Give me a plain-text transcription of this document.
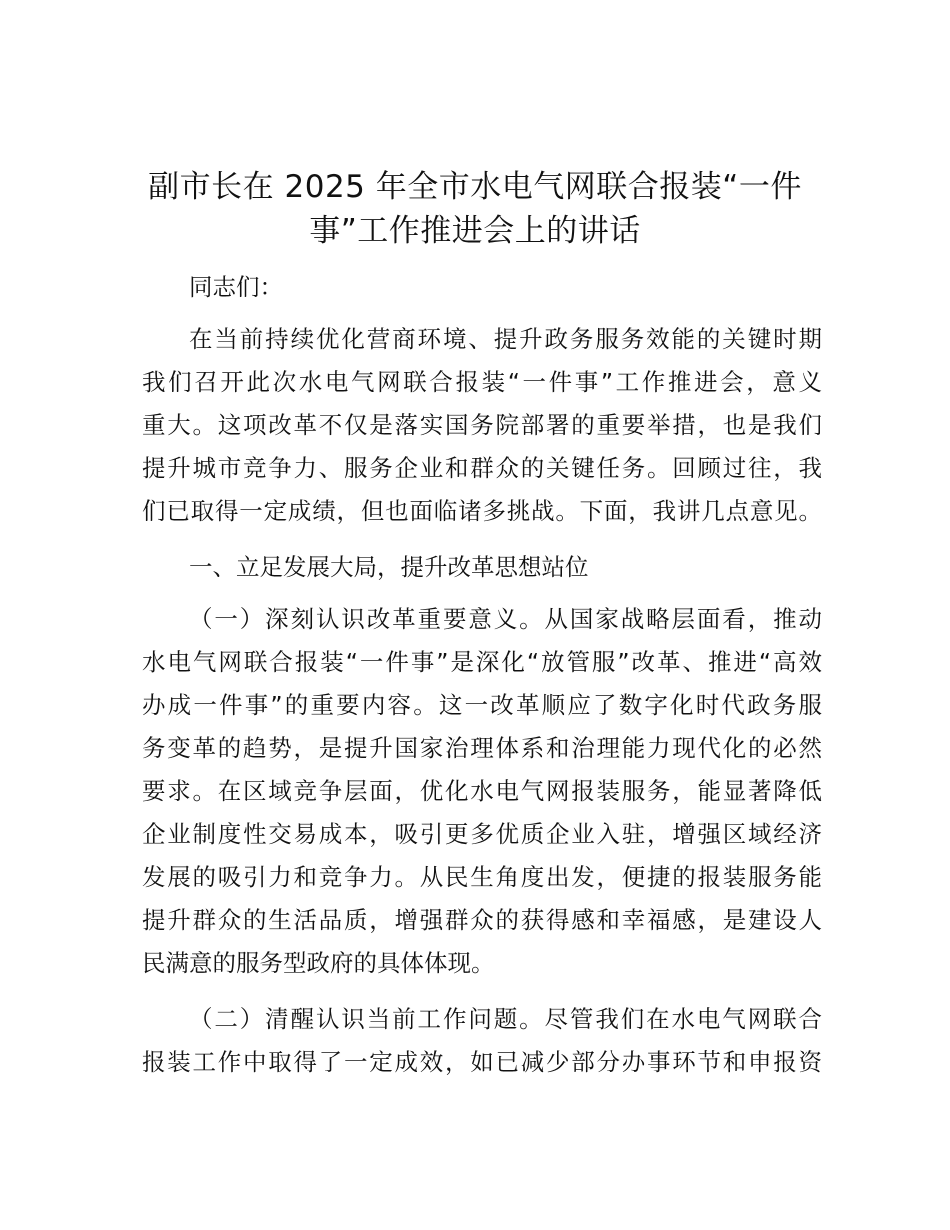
副市长在 2025 年全市水电气网联合报装“一件
事”工作推进会上的讲话
同志们：
在当前持续优化营商环境、提升政务服务效能的关键时期
我们召开此次水电气网联合报装“一件事”工作推进会，意义
重大。这项改革不仅是落实国务院部署的重要举措，也是我们
提升城市竞争力、服务企业和群众的关键任务。回顾过往，我
们已取得一定成绩，但也面临诸多挑战。下面，我讲几点意见。
一、立足发展大局，提升改革思想站位
（一）深刻认识改革重要意义。从国家战略层面看，推动
水电气网联合报装“一件事”是深化“放管服”改革、推进“高效
办成一件事”的重要内容。这一改革顺应了数字化时代政务服
务变革的趋势，是提升国家治理体系和治理能力现代化的必然
要求。在区域竞争层面，优化水电气网报装服务，能显著降低
企业制度性交易成本，吸引更多优质企业入驻，增强区域经济
发展的吸引力和竞争力。从民生角度出发，便捷的报装服务能
提升群众的生活品质，增强群众的获得感和幸福感，是建设人
民满意的服务型政府的具体体现。
（二）清醒认识当前工作问题。尽管我们在水电气网联合
报装工作中取得了一定成效，如已减少部分办事环节和申报资
